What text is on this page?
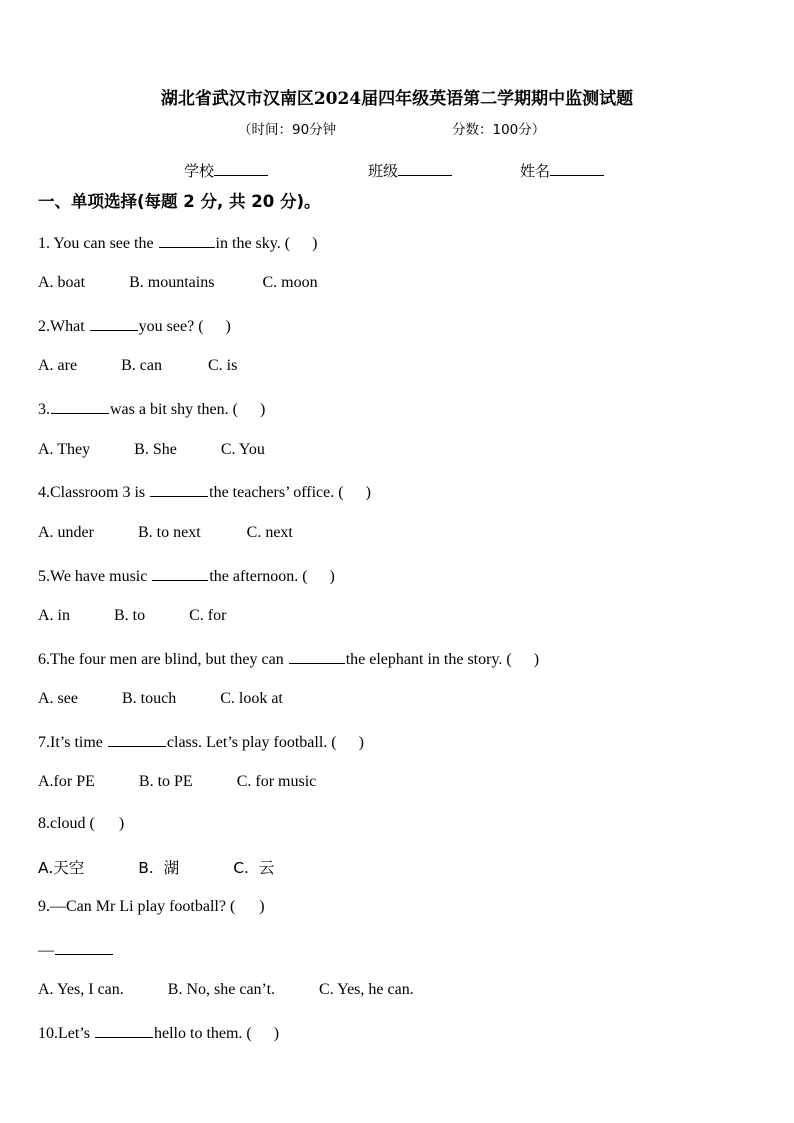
湖北省武汉市汉南区2024届四年级英语第二学期期中监测试题
（时间：90分钟	分数：100分）
学校	班级	姓名
一、单项选择(每题 2 分, 共 20 分)。
1. You can see the	in the sky. ( )
A. boat	B. mountains	C. moon
2.What	you see? ( )
A. are	B. can	C. is
3.	was a bit shy then. ( )
A. They	B. She	C. You
4.Classroom 3 is	the teachers’ office. ( )
A. under	B. to next	C. next
5.We have music	the afternoon. ( )
A. in	B. to	C. for
6.The four men are blind, but they can	the elephant in the story. ( )
A. see	B. touch	C. look at
7.It’s time	class. Let’s play football. ( )
A.for PE	B. to PE	C. for music
8.cloud ( )
A.天空	B.  湖	C.  云
9.—Can Mr Li play football? ( )
—
A. Yes, I can.	B. No, she can’t.	C. Yes, he can.
10.Let’s	hello to them. ( )
